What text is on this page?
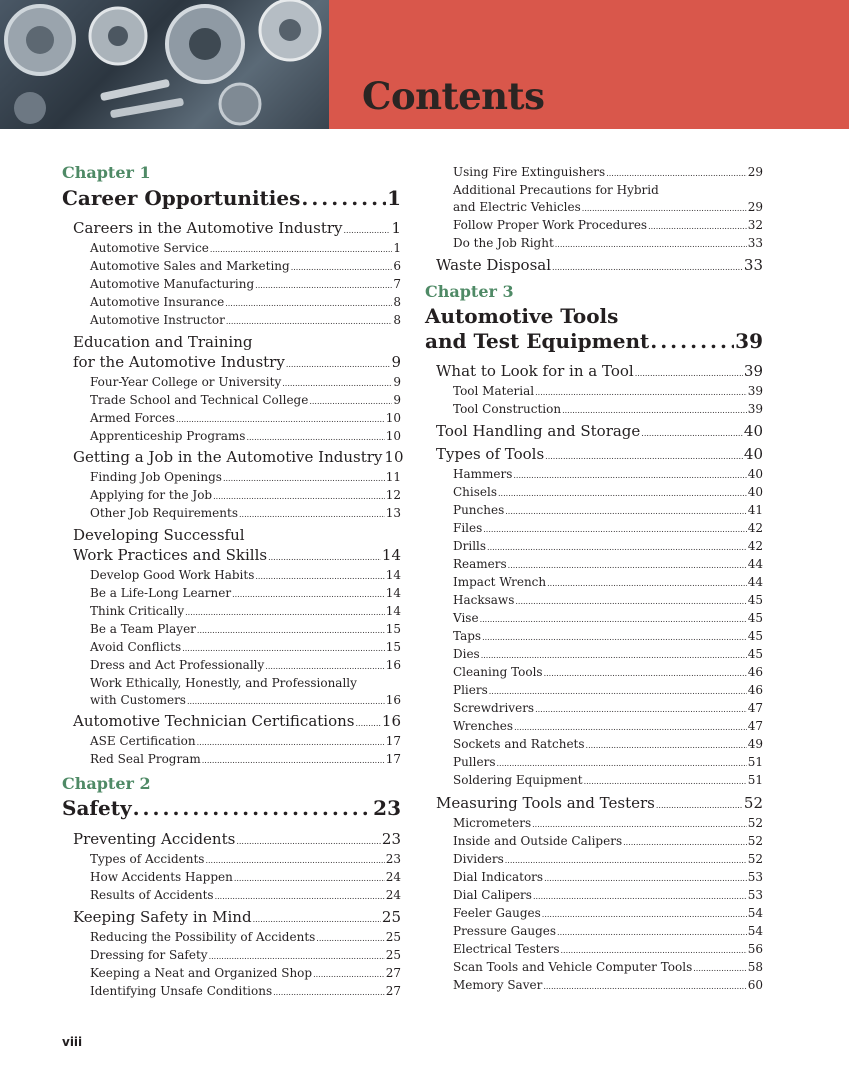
Contents
Chapter 1
Career Opportunities .....	1
Careers in the Automotive Industry .....	1
Automotive Service .....	1
Automotive Sales and Marketing .....	6
Automotive Manufacturing .....	7
Automotive Insurance .....	8
Automotive Instructor .....	8
Education and Training
for the Automotive Industry .....	9
Four-Year College or University .....	9
Trade School and Technical College .....	9
Armed Forces .....	10
Apprenticeship Programs .....	10
Getting a Job in the Automotive Industry 10
Finding Job Openings .....	11
Applying for the Job .....	12
Other Job Requirements .....	13
Developing Successful
Work Practices and Skills .....	14
Develop Good Work Habits .....	14
Be a Life-Long Learner .....	14
Think Critically .....	14
Be a Team Player .....	15
Avoid Conflicts .....	15
Dress and Act Professionally .....	16
Work Ethically, Honestly, and Professionally
with Customers .....	16
Automotive Technician Certifications ..... 16
ASE Certification .....	17
Red Seal Program .....	17
Chapter 2
Safety .....	23
Preventing Accidents .....	23
Types of Accidents .....	23
How Accidents Happen .....	24
Results of Accidents .....	24
Keeping Safety in Mind .....	25
Reducing the Possibility of Accidents .....	25
Dressing for Safety .....	25
Keeping a Neat and Organized Shop .....	27
Identifying Unsafe Conditions .....	27
Using Fire Extinguishers .....	29
Additional Precautions for Hybrid
and Electric Vehicles .....	29
Follow Proper Work Procedures .....	32
Do the Job Right .....	33
Waste Disposal .....	33
Chapter 3
Automotive Tools
and Test Equipment .....	39
What to Look for in a Tool .....	39
Tool Material .....	39
Tool Construction .....	39
Tool Handling and Storage .....	40
Types of Tools .....	40
Hammers .....	40
Chisels .....	40
Punches .....	41
Files .....	42
Drills .....	42
Reamers .....	44
Impact Wrench .....	44
Hacksaws .....	45
Vise .....	45
Taps .....	45
Dies .....	45
Cleaning Tools .....	46
Pliers .....	46
Screwdrivers .....	47
Wrenches .....	47
Sockets and Ratchets .....	49
Pullers .....	51
Soldering Equipment .....	51
Measuring Tools and Testers .....	52
Micrometers .....	52
Inside and Outside Calipers .....	52
Dividers .....	52
Dial Indicators .....	53
Dial Calipers .....	53
Feeler Gauges .....	54
Pressure Gauges .....	54
Electrical Testers .....	56
Scan Tools and Vehicle Computer Tools .....	58
Memory Saver .....	60
viii
